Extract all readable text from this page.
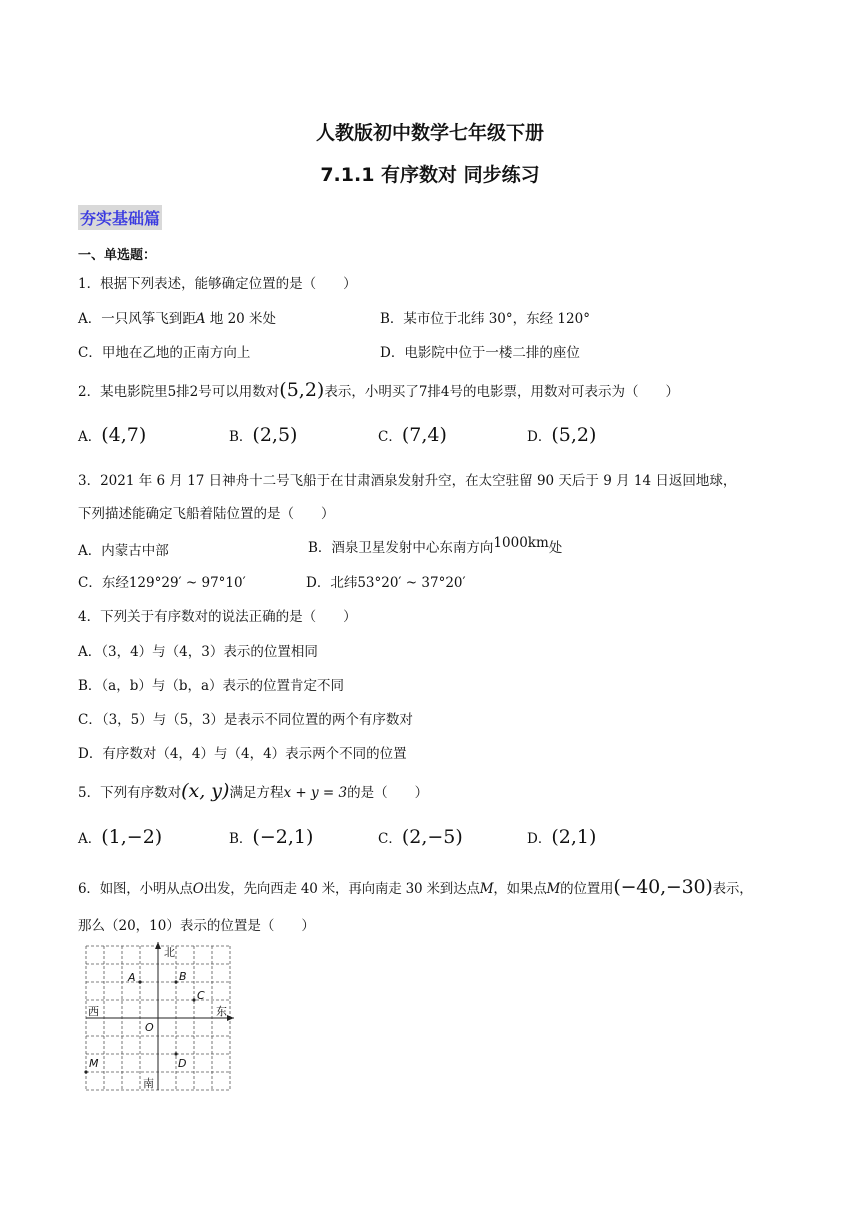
人教版初中数学七年级下册
7.1.1 有序数对 同步练习
夯实基础篇
一、单选题：
1．根据下列表述，能够确定位置的是（　　）
A．一只风筝飞到距A 地 20 米处	B．某市位于北纬 30°，东经 120°
C．甲地在乙地的正南方向上	D．电影院中位于一楼二排的座位
2．某电影院里5排2号可以用数对(5,2)表示，小明买了7排4号的电影票，用数对可表示为（　　）
A．(4,7)	B．(2,5)	C．(7,4)	D．(5,2)
3．2021 年 6 月 17 日神舟十二号飞船于在甘肃酒泉发射升空，在太空驻留 90 天后于 9 月 14 日返回地球，
下列描述能确定飞船着陆位置的是（　　）
A．内蒙古中部	B．酒泉卫星发射中心东南方向1000km处
C．东经129°29′ ~ 97°10′	D．北纬53°20′ ~ 37°20′
4．下列关于有序数对的说法正确的是（　　）
A．（3，4）与（4，3）表示的位置相同
B．（a，b）与（b，a）表示的位置肯定不同
C．（3，5）与（5，3）是表示不同位置的两个有序数对
D．有序数对（4，4）与（4，4）表示两个不同的位置
5．下列有序数对(x, y)满足方程x + y = 3的是（　　）
A．(1,−2)	B．(−2,1)	C．(2,−5)	D．(2,1)
6．如图，小明从点O出发，先向西走 40 米，再向南走 30 米到达点M，如果点M的位置用(−40,−30)表示，
那么（20，10）表示的位置是（　　）
北
南
东
西
A	B
C
D
M
O
